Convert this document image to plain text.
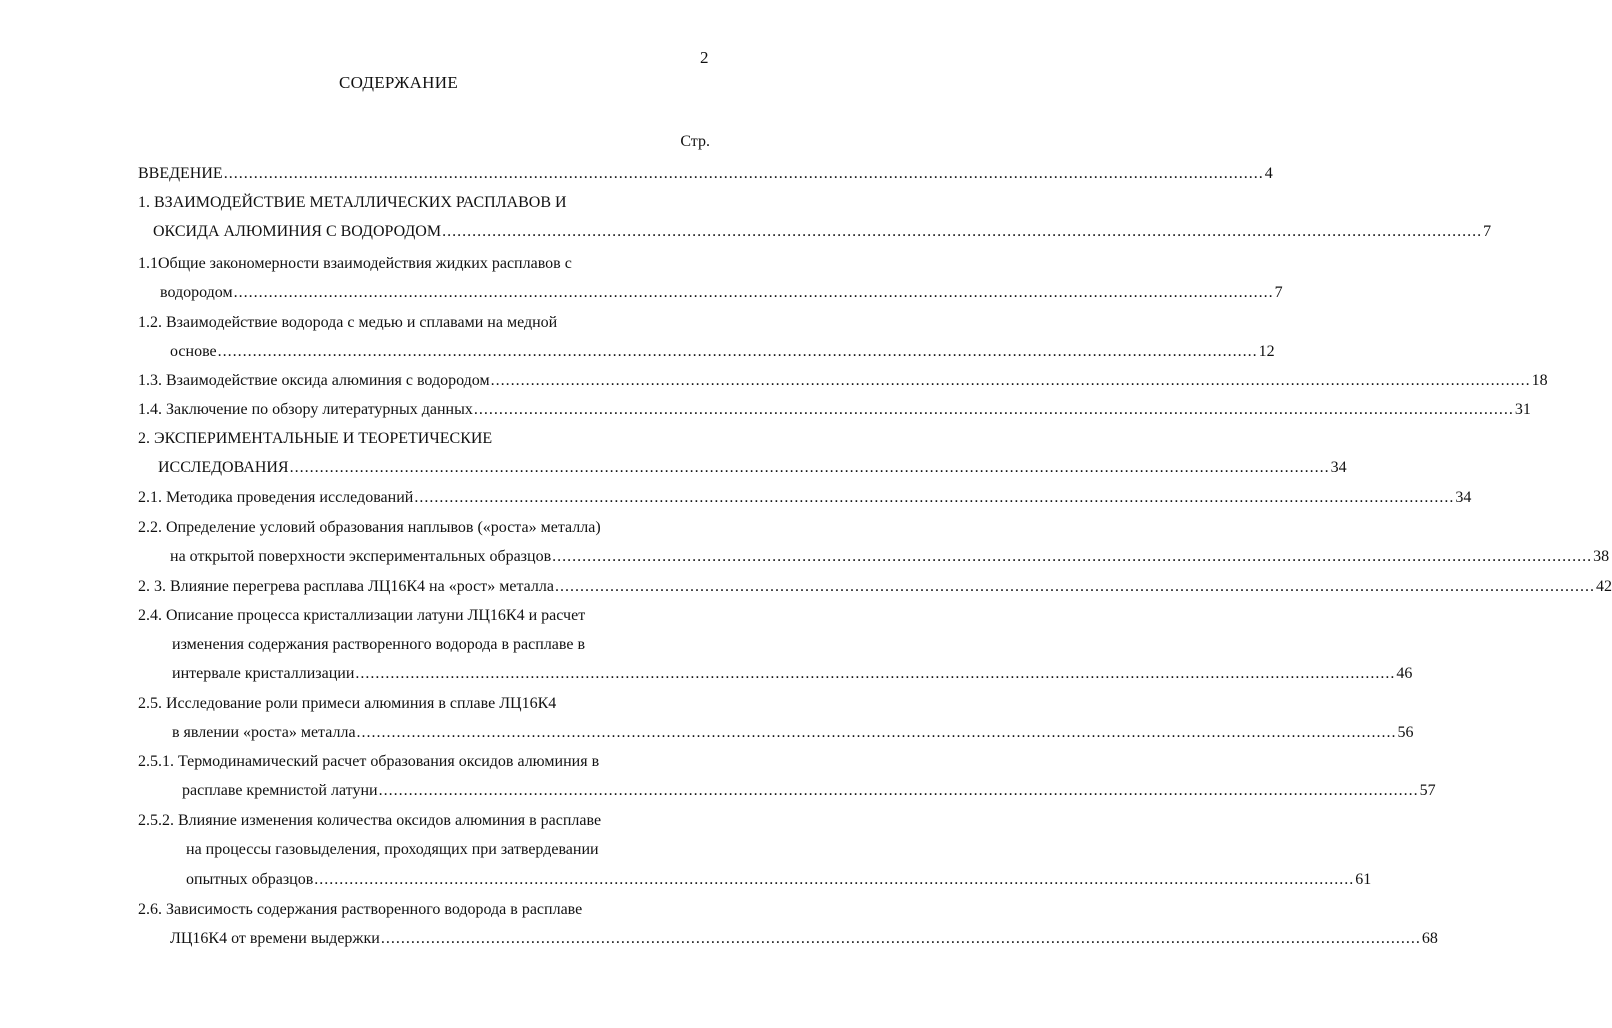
2
СОДЕРЖАНИЕ
Стр.
ВВЕДЕНИЕ ................................................................................................................................................................................................................ 4
1. ВЗАИМОДЕЙСТВИЕ МЕТАЛЛИЧЕСКИХ РАСПЛАВОВ И
ОКСИДА АЛЮМИНИЯ С ВОДОРОДОМ ................................................................................................................................................................................................................ 7
1.1Общие закономерности взаимодействия жидких расплавов с
водородом ................................................................................................................................................................................................................ 7
1.2. Взаимодействие водорода с медью и сплавами на медной
основе ................................................................................................................................................................................................................ 12
1.3. Взаимодействие оксида алюминия с водородом ................................................................................................................................................................................................................ 18
1.4. Заключение по обзору литературных данных ................................................................................................................................................................................................................ 31
2. ЭКСПЕРИМЕНТАЛЬНЫЕ И ТЕОРЕТИЧЕСКИЕ
ИССЛЕДОВАНИЯ ................................................................................................................................................................................................................ 34
2.1. Методика проведения исследований ................................................................................................................................................................................................................ 34
2.2. Определение условий образования наплывов («роста» металла)
на открытой поверхности экспериментальных образцов ................................................................................................................................................................................................................ 38
2. 3. Влияние перегрева расплава ЛЦ16К4 на «рост» металла ................................................................................................................................................................................................................ 42
2.4. Описание процесса кристаллизации латуни ЛЦ16К4 и расчет
изменения содержания растворенного водорода в расплаве в
интервале кристаллизации ................................................................................................................................................................................................................ 46
2.5. Исследование роли примеси алюминия в сплаве ЛЦ16К4
в явлении «роста» металла ................................................................................................................................................................................................................ 56
2.5.1. Термодинамический расчет образования оксидов алюминия в
расплаве кремнистой латуни ................................................................................................................................................................................................................ 57
2.5.2. Влияние изменения количества оксидов алюминия в расплаве
на процессы газовыделения, проходящих при затвердевании
опытных образцов ................................................................................................................................................................................................................ 61
2.6. Зависимость содержания растворенного водорода в расплаве
ЛЦ16К4 от времени выдержки ................................................................................................................................................................................................................ 68
